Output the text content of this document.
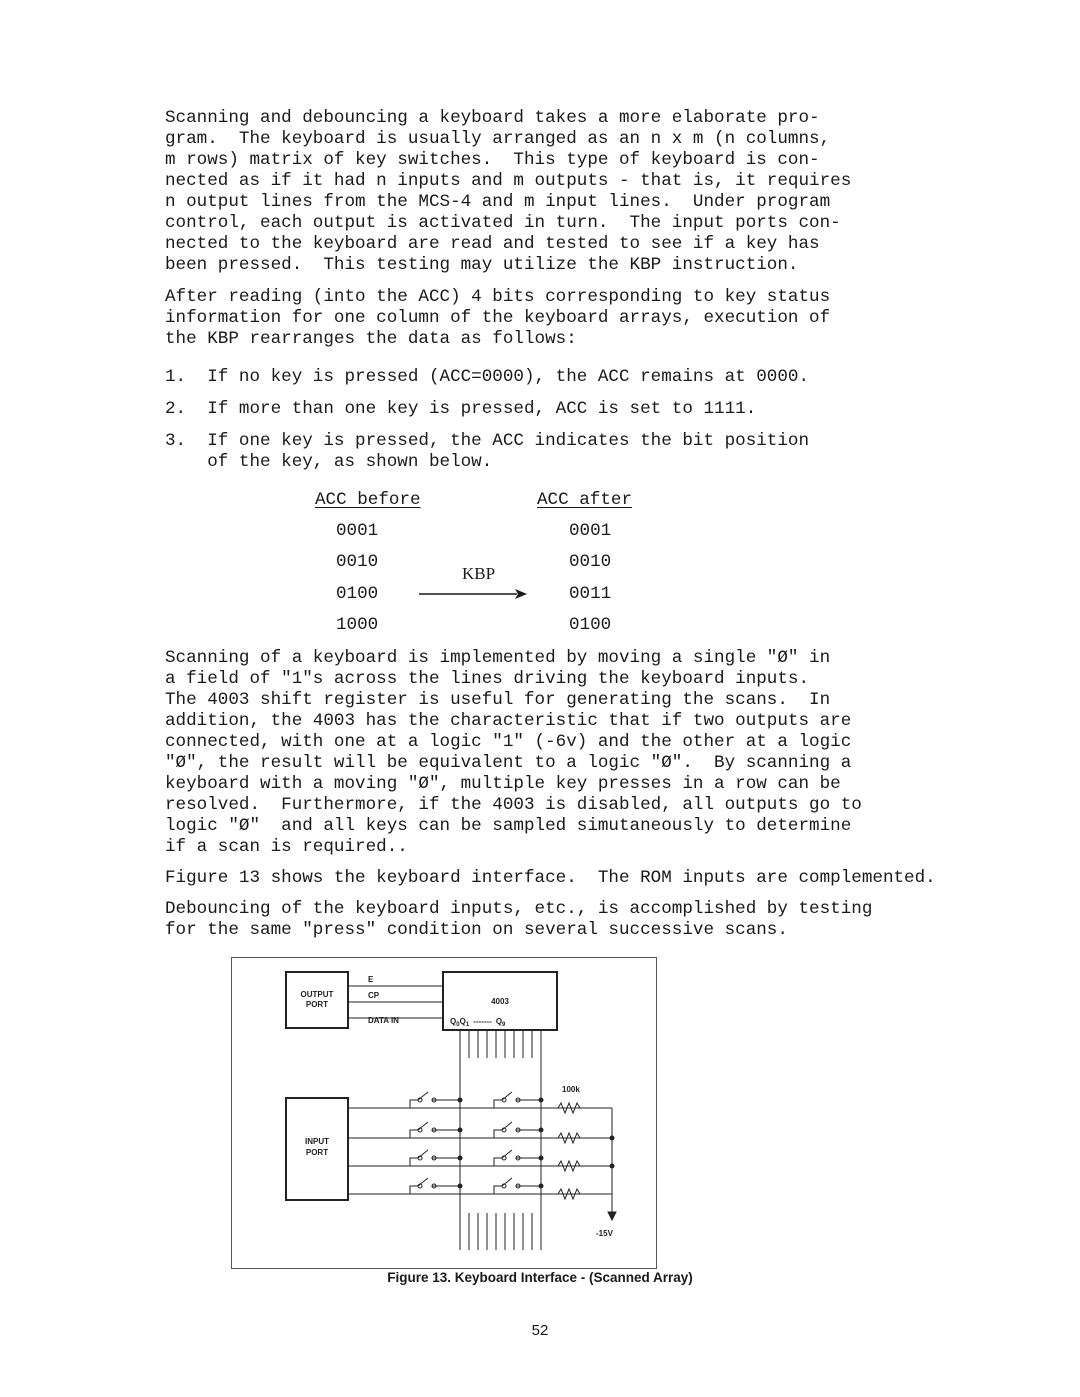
Scanning and debouncing a keyboard takes a more elaborate pro-
gram.  The keyboard is usually arranged as an n x m (n columns,
m rows) matrix of key switches.  This type of keyboard is con-
nected as if it had n inputs and m outputs - that is, it requires
n output lines from the MCS-4 and m input lines.  Under program
control, each output is activated in turn.  The input ports con-
nected to the keyboard are read and tested to see if a key has
been pressed.  This testing may utilize the KBP instruction.

After reading (into the ACC) 4 bits corresponding to key status
information for one column of the keyboard arrays, execution of
the KBP rearranges the data as follows:

1.  If no key is pressed (ACC=0000), the ACC remains at 0000.

2.  If more than one key is pressed, ACC is set to 1111.

3.  If one key is pressed, the ACC indicates the bit position
of the key, as shown below.

ACC before	ACC after
0001
0010
0100
1000
0001
0010
0011
0100
KBP

Scanning of a keyboard is implemented by moving a single "Ø" in
a field of "1"s across the lines driving the keyboard inputs.
The 4003 shift register is useful for generating the scans.  In
addition, the 4003 has the characteristic that if two outputs are
connected, with one at a logic "1" (-6v) and the other at a logic
"Ø", the result will be equivalent to a logic "Ø".  By scanning a
keyboard with a moving "Ø", multiple key presses in a row can be
resolved.  Furthermore, if the 4003 is disabled, all outputs go to
logic "Ø"  and all keys can be sampled simutaneously to determine
if a scan is required..

Figure 13 shows the keyboard interface.  The ROM inputs are complemented.

Debouncing of the keyboard inputs, etc., is accomplished by testing
for the same "press" condition on several successive scans.

OUTPUT
PORT
E
CP
DATA IN
4003
$Q_0Q_1$ ------- $Q_9$
INPUT
PORT
100k
-15V
Figure 13. Keyboard Interface - (Scanned Array)
52
